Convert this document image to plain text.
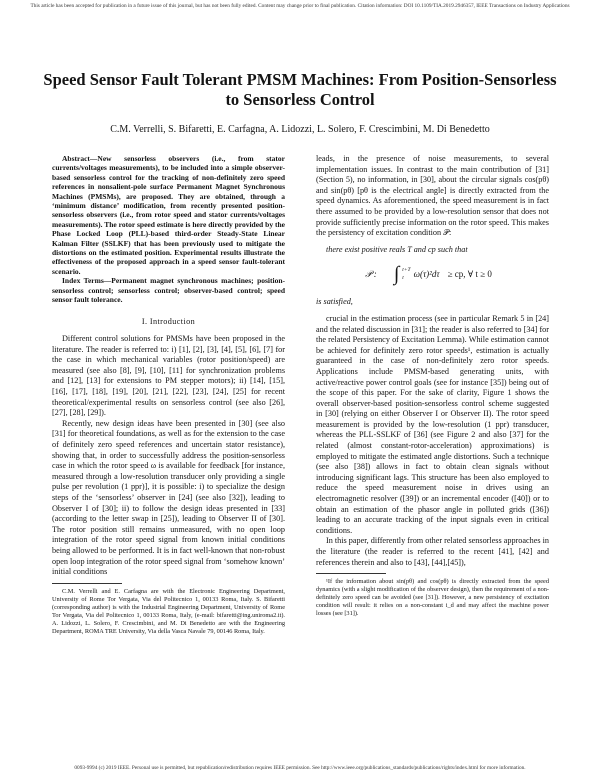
This article has been accepted for publication in a future issue of this journal, but has not been fully edited. Content may change prior to final publication. Citation information: DOI 10.1109/TIA.2019.2946357, IEEE Transactions on Industry Applications
Speed Sensor Fault Tolerant PMSM Machines: From Position-Sensorless to Sensorless Control
C.M. Verrelli, S. Bifaretti, E. Carfagna, A. Lidozzi, L. Solero, F. Crescimbini, M. Di Benedetto

Abstract—New sensorless observers (i.e., from stator currents/voltages measurements), to be included into a simple observer-based sensorless control for the tracking of non-definitely zero speed references in nonsalient-pole surface Permanent Magnet Synchronous Machines (PMSMs), are proposed. They are obtained, through a ‘minimum distance’ modification, from recently presented position-sensorless observers (i.e., from rotor speed and stator currents/voltages measurements). The rotor speed estimate is here directly provided by the Phase Locked Loop (PLL)-based third-order Steady-State Linear Kalman Filter (SSLKF) that has been previously used to mitigate the distortions on the estimated position. Experimental results illustrate the effectiveness of the proposed approach in a speed sensor fault-tolerant scenario.

Index Terms—Permanent magnet synchronous machines; position-sensorless control; sensorless control; observer-based control; speed sensor fault tolerance.

I. Introduction

Different control solutions for PMSMs have been proposed in the literature. The reader is referred to: i) [1], [2], [3], [4], [5], [6], [7] for the case in which mechanical variables (rotor position/speed) are measured (see also [8], [9], [10], [11] for synchronization problems and [12], [13] for extensions to PM stepper motors); ii) [14], [15], [16], [17], [18], [19], [20], [21], [22], [23], [24], [25] for recent theoretical/experimental results on sensorless control (see also [26], [27], [28], [29]).

Recently, new design ideas have been presented in [30] (see also [31] for theoretical foundations, as well as for the extension to the case of definitely zero speed references and uncertain stator resistance), showing that, in order to successfully address the position-sensorless case in which the rotor speed ω is available for feedback [for instance, measured through a low-resolution transducer only providing a single pulse per revolution (1 ppr)], it is possible: i) to specialize the design steps of the ‘sensorless’ observer in [24] (see also [32]), leading to Observer I of [30]; ii) to follow the design ideas presented in [33] (according to the letter swap in [25]), leading to Observer II of [30]. The rotor position still remains unmeasured, with no open loop integration of the rotor speed signal from known initial conditions being allowed to be performed. It is in fact well-known that non-robust open loop integration of the rotor speed signal from ‘somehow known’ initial conditions

C.M. Verrelli and E. Carfagna are with the Electronic Engineering Department, University of Rome Tor Vergata, Via del Politecnico 1, 00133 Roma, Italy. S. Bifaretti (corresponding author) is with the Industrial Engineering Department, University of Rome Tor Vergata, Via del Politecnico 1, 00133 Roma, Italy, (e-mail: bifaretti@ing.uniroma2.it). A. Lidozzi, L. Solero, F. Crescimbini, and M. Di Benedetto are with the Engineering Department, ROMA TRE University, Via della Vasca Navale 79, 00146 Roma, Italy.

leads, in the presence of noise measurements, to several implementation issues. In contrast to the main contribution of [31] (Section 5), no information, in [30], about the circular signals cos(pθ) and sin(pθ) [pθ is the electrical angle] is directly extracted from the speed dynamics. As aforementioned, the speed measurement is in fact there assumed to be provided by a low-resolution sensor that does not provide sufficiently precise information on the rotor speed. This makes the persistency of excitation condition 𝒫:

there exist positive reals T and cp such that

𝒫 : ∫ t+T
t	ω(τ)²dτ ≥ cp, ∀ t ≥ 0

is satisfied,

crucial in the estimation process (see in particular Remark 5 in [24] and the related discussion in [31]; the reader is also referred to [34] for the related Persistency of Excitation Lemma). While estimation cannot be achieved for definitely zero rotor speeds¹, estimation is actually guaranteed in the case of non-definitely zero rotor speeds. Applications include PMSM-based generating units, with active/reactive power control goals (see for instance [35]) being out of the scope of this paper. For the sake of clarity, Figure 1 shows the overall observer-based position-sensorless control scheme suggested in [30] (relying on either Observer I or Observer II). The rotor speed measurement is provided by the low-resolution (1 ppr) transducer, whereas the PLL-SSLKF of [36] (see Figure 2 and also [37] for the related (almost constant-rotor-acceleration) approximations) is employed to mitigate the estimated angle distortions. Such a technique (see also [38]) allows in fact to obtain clean signals without introducing significant lags. This structure has been also employed to reduce the speed measurement noise in drives using an electromagnetic resolver ([39]) or an incremental encoder ([40]) or to obtain an estimation of the phasor angle in polluted grids ([36]) leading to an accurate tracking of the input signals even in critical conditions.

In this paper, differently from other related sensorless approaches in the literature (the reader is referred to the recent [41], [42] and references therein and also to [43], [44],[45]),

¹If the information about sin(pθ) and cos(pθ) is directly extracted from the speed dynamics (with a slight modification of the observer design), then the requirement of a non-definitely zero speed can be avoided (see [31]). However, a new persistency of excitation condition will result: it relies on a non-constant i_d and may affect the machine power losses (see [31]).

0093-9994 (c) 2019 IEEE. Personal use is permitted, but republication/redistribution requires IEEE permission. See http://www.ieee.org/publications_standards/publications/rights/index.html for more information.
